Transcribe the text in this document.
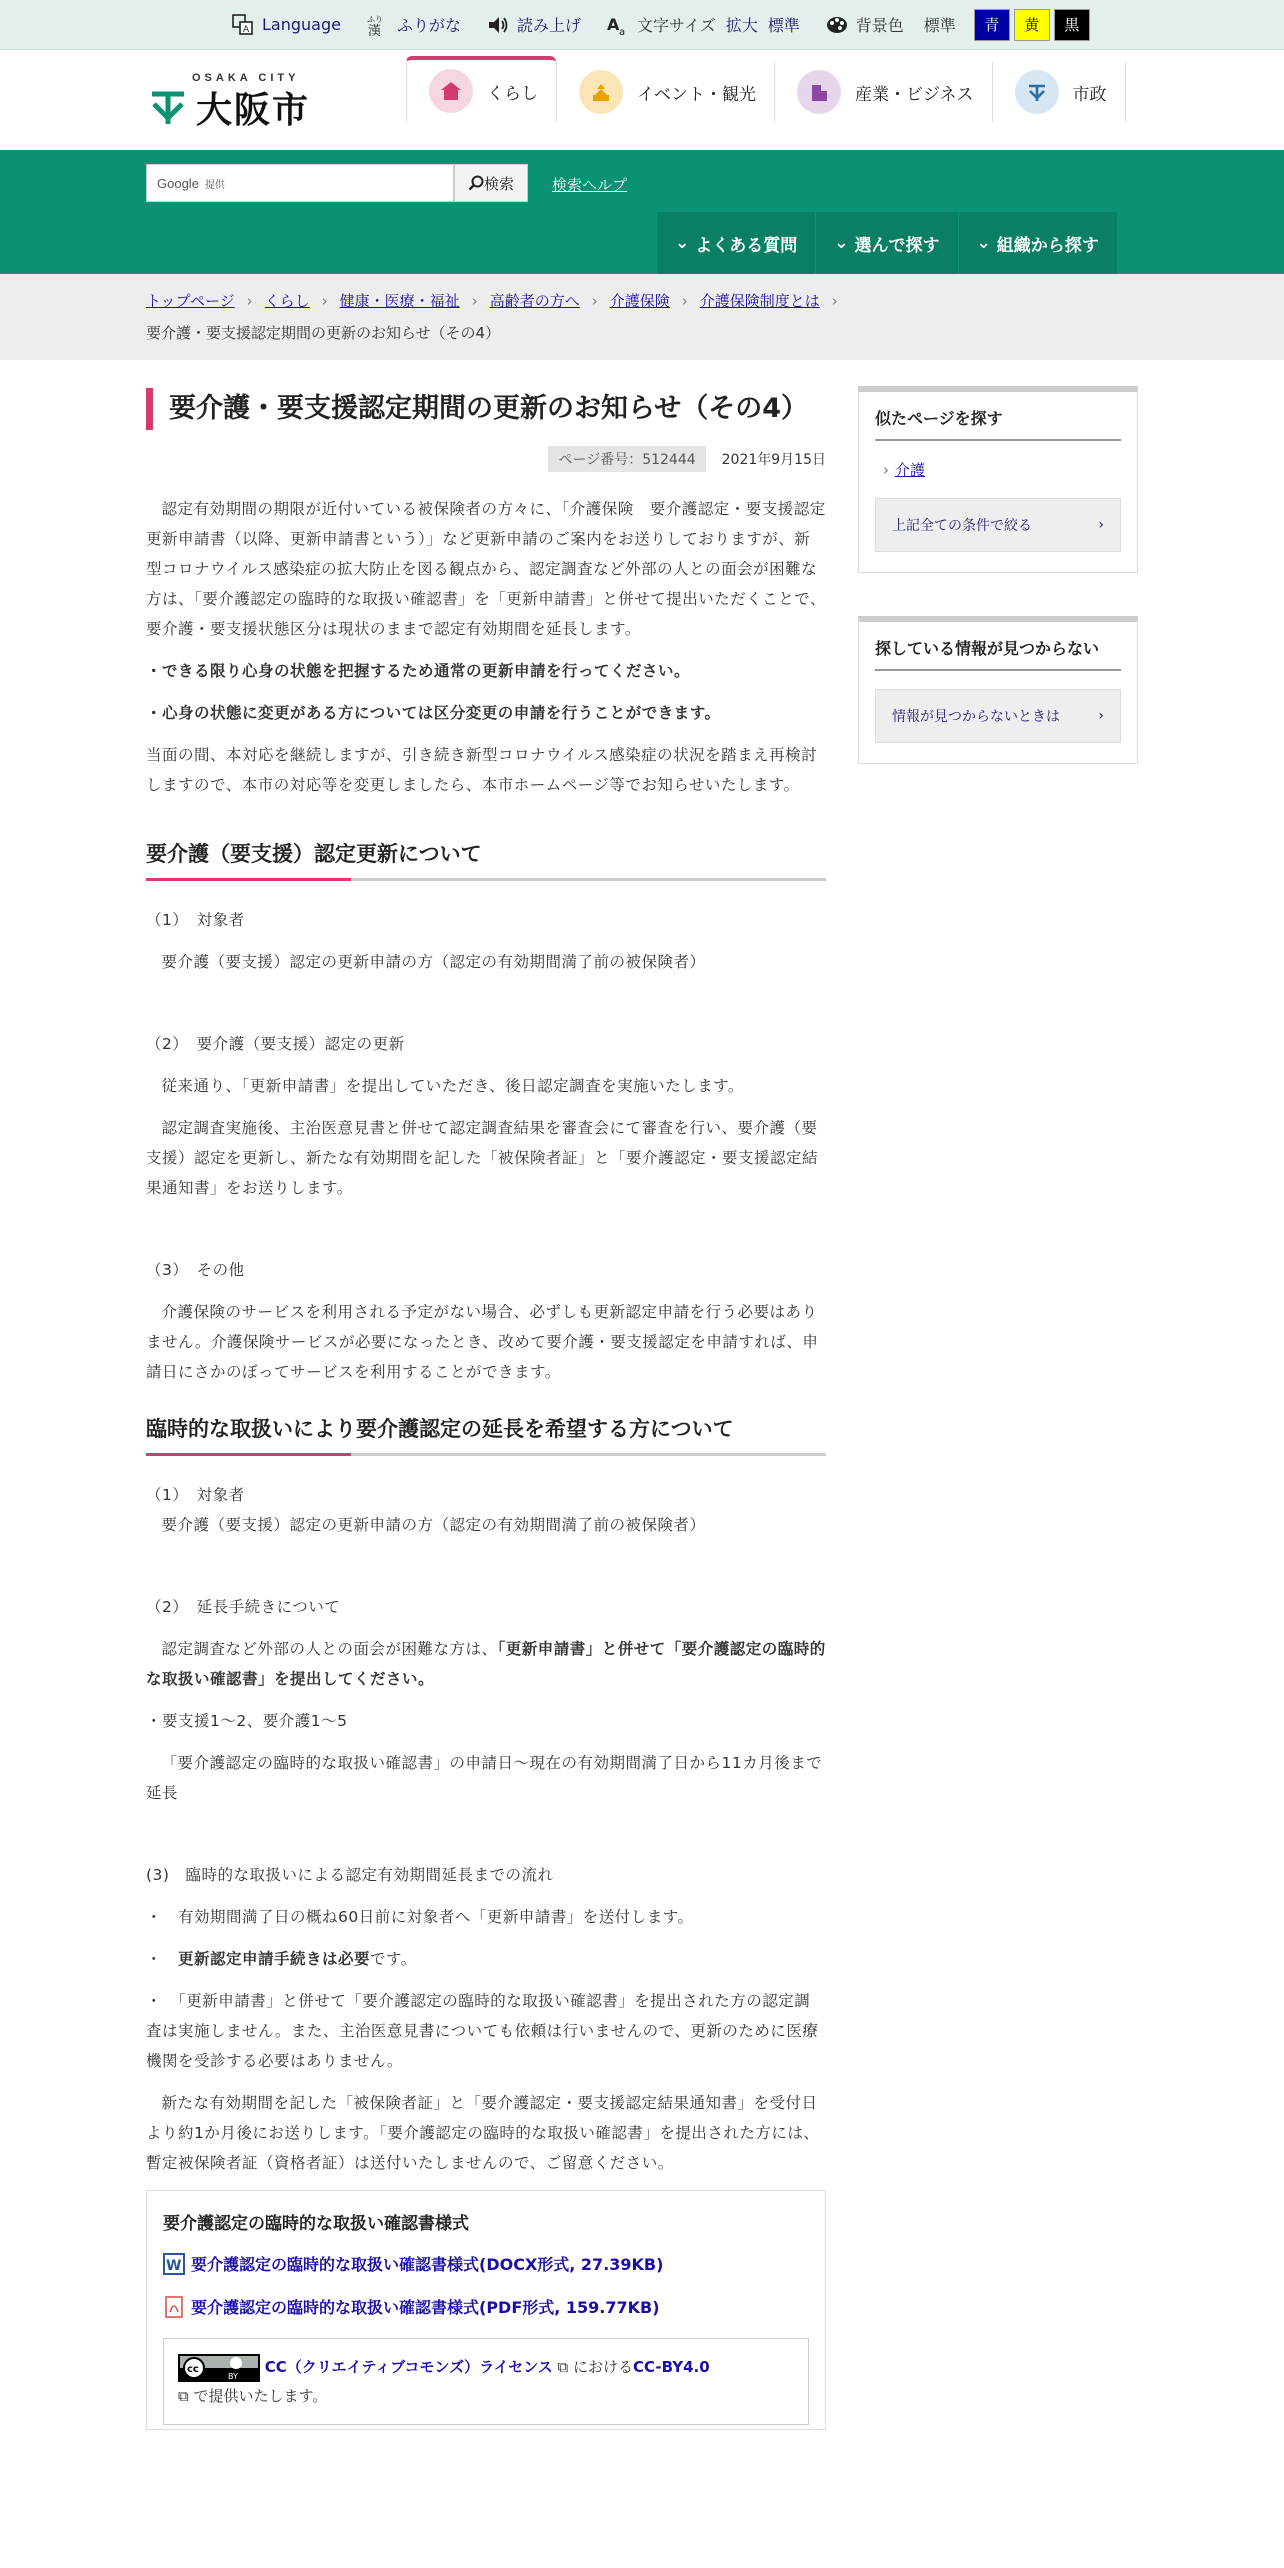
A Language	ふり
漢 ふりがな	読み上げ A a 文字サイズ 拡大 標準	背景色 標準	青	黄	黒
OSAKA CITY
大阪市	くらし	イベント・観光	産業・ビジネス	市政
Google 提供	検索	検索ヘルプ
⌄ よくある質問 ⌄ 選んで探す ⌄ 組織から探す
トップページ › くらし › 健康・医療・福祉 › 高齢者の方へ › 介護保険 › 介護保険制度とは ›
要介護・要支援認定期間の更新のお知らせ（その4）
要介護・要支援認定期間の更新のお知らせ（その4）
ページ番号：512444	2021年9月15日

認定有効期間の期限が近付いている被保険者の方々に、「介護保険　要介護認定・要支援認定更新申請書（以降、更新申請書という）」など更新申請のご案内をお送りしておりますが、新型コロナウイルス感染症の拡大防止を図る観点から、認定調査など外部の人との面会が困難な方は、「要介護認定の臨時的な取扱い確認書」を「更新申請書」と併せて提出いただくことで、要介護・要支援状態区分は現状のままで認定有効期間を延長します。

・できる限り心身の状態を把握するため通常の更新申請を行ってください。

・心身の状態に変更がある方については区分変更の申請を行うことができます。

当面の間、本対応を継続しますが、引き続き新型コロナウイルス感染症の状況を踏まえ再検討しますので、本市の対応等を変更しましたら、本市ホームページ等でお知らせいたします。

要介護（要支援）認定更新について

（1）　対象者

要介護（要支援）認定の更新申請の方（認定の有効期間満了前の被保険者）

（2）　要介護（要支援）認定の更新

従来通り、「更新申請書」を提出していただき、後日認定調査を実施いたします。

認定調査実施後、主治医意見書と併せて認定調査結果を審査会にて審査を行い、要介護（要支援）認定を更新し、新たな有効期間を記した「被保険者証」と「要介護認定・要支援認定結果通知書」をお送りします。

（3）　その他

介護保険のサービスを利用される予定がない場合、必ずしも更新認定申請を行う必要はありません。介護保険サービスが必要になったとき、改めて要介護・要支援認定を申請すれば、申請日にさかのぼってサービスを利用することができます。

臨時的な取扱いにより要介護認定の延長を希望する方について

（1）　対象者

要介護（要支援）認定の更新申請の方（認定の有効期間満了前の被保険者）

（2）　延長手続きについて

認定調査など外部の人との面会が困難な方は、「更新申請書」と併せて「要介護認定の臨時的な取扱い確認書」を提出してください。

・要支援1～2、要介護1～5

「要介護認定の臨時的な取扱い確認書」の申請日～現在の有効期間満了日から11カ月後まで延長

(3)　臨時的な取扱いによる認定有効期間延長までの流れ

・　有効期間満了日の概ね60日前に対象者へ「更新申請書」を送付します。

・　更新認定申請手続きは必要です。

・　「更新申請書」と併せて「要介護認定の臨時的な取扱い確認書」を提出された方の認定調査は実施しません。また、主治医意見書についても依頼は行いませんので、更新のために医療機関を受診する必要はありません。

新たな有効期間を記した「被保険者証」と「要介護認定・要支援認定結果通知書」を受付日より約1か月後にお送りします。「要介護認定の臨時的な取扱い確認書」を提出された方には、暫定被保険者証（資格者証）は送付いたしませんので、ご留意ください。

要介護認定の臨時的な取扱い確認書様式
W 要介護認定の臨時的な取扱い確認書様式(DOCX形式, 27.39KB)
要介護認定の臨時的な取扱い確認書様式(PDF形式, 159.77KB)
cc
BY CC（クリエイティブコモンズ）ライセンス ⧉ におけるCC-BY4.0
⧉ で提供いたします。
似たページを探す
› 介護
上記全ての条件で絞る	›
探している情報が見つからない
情報が見つからないときは	›
